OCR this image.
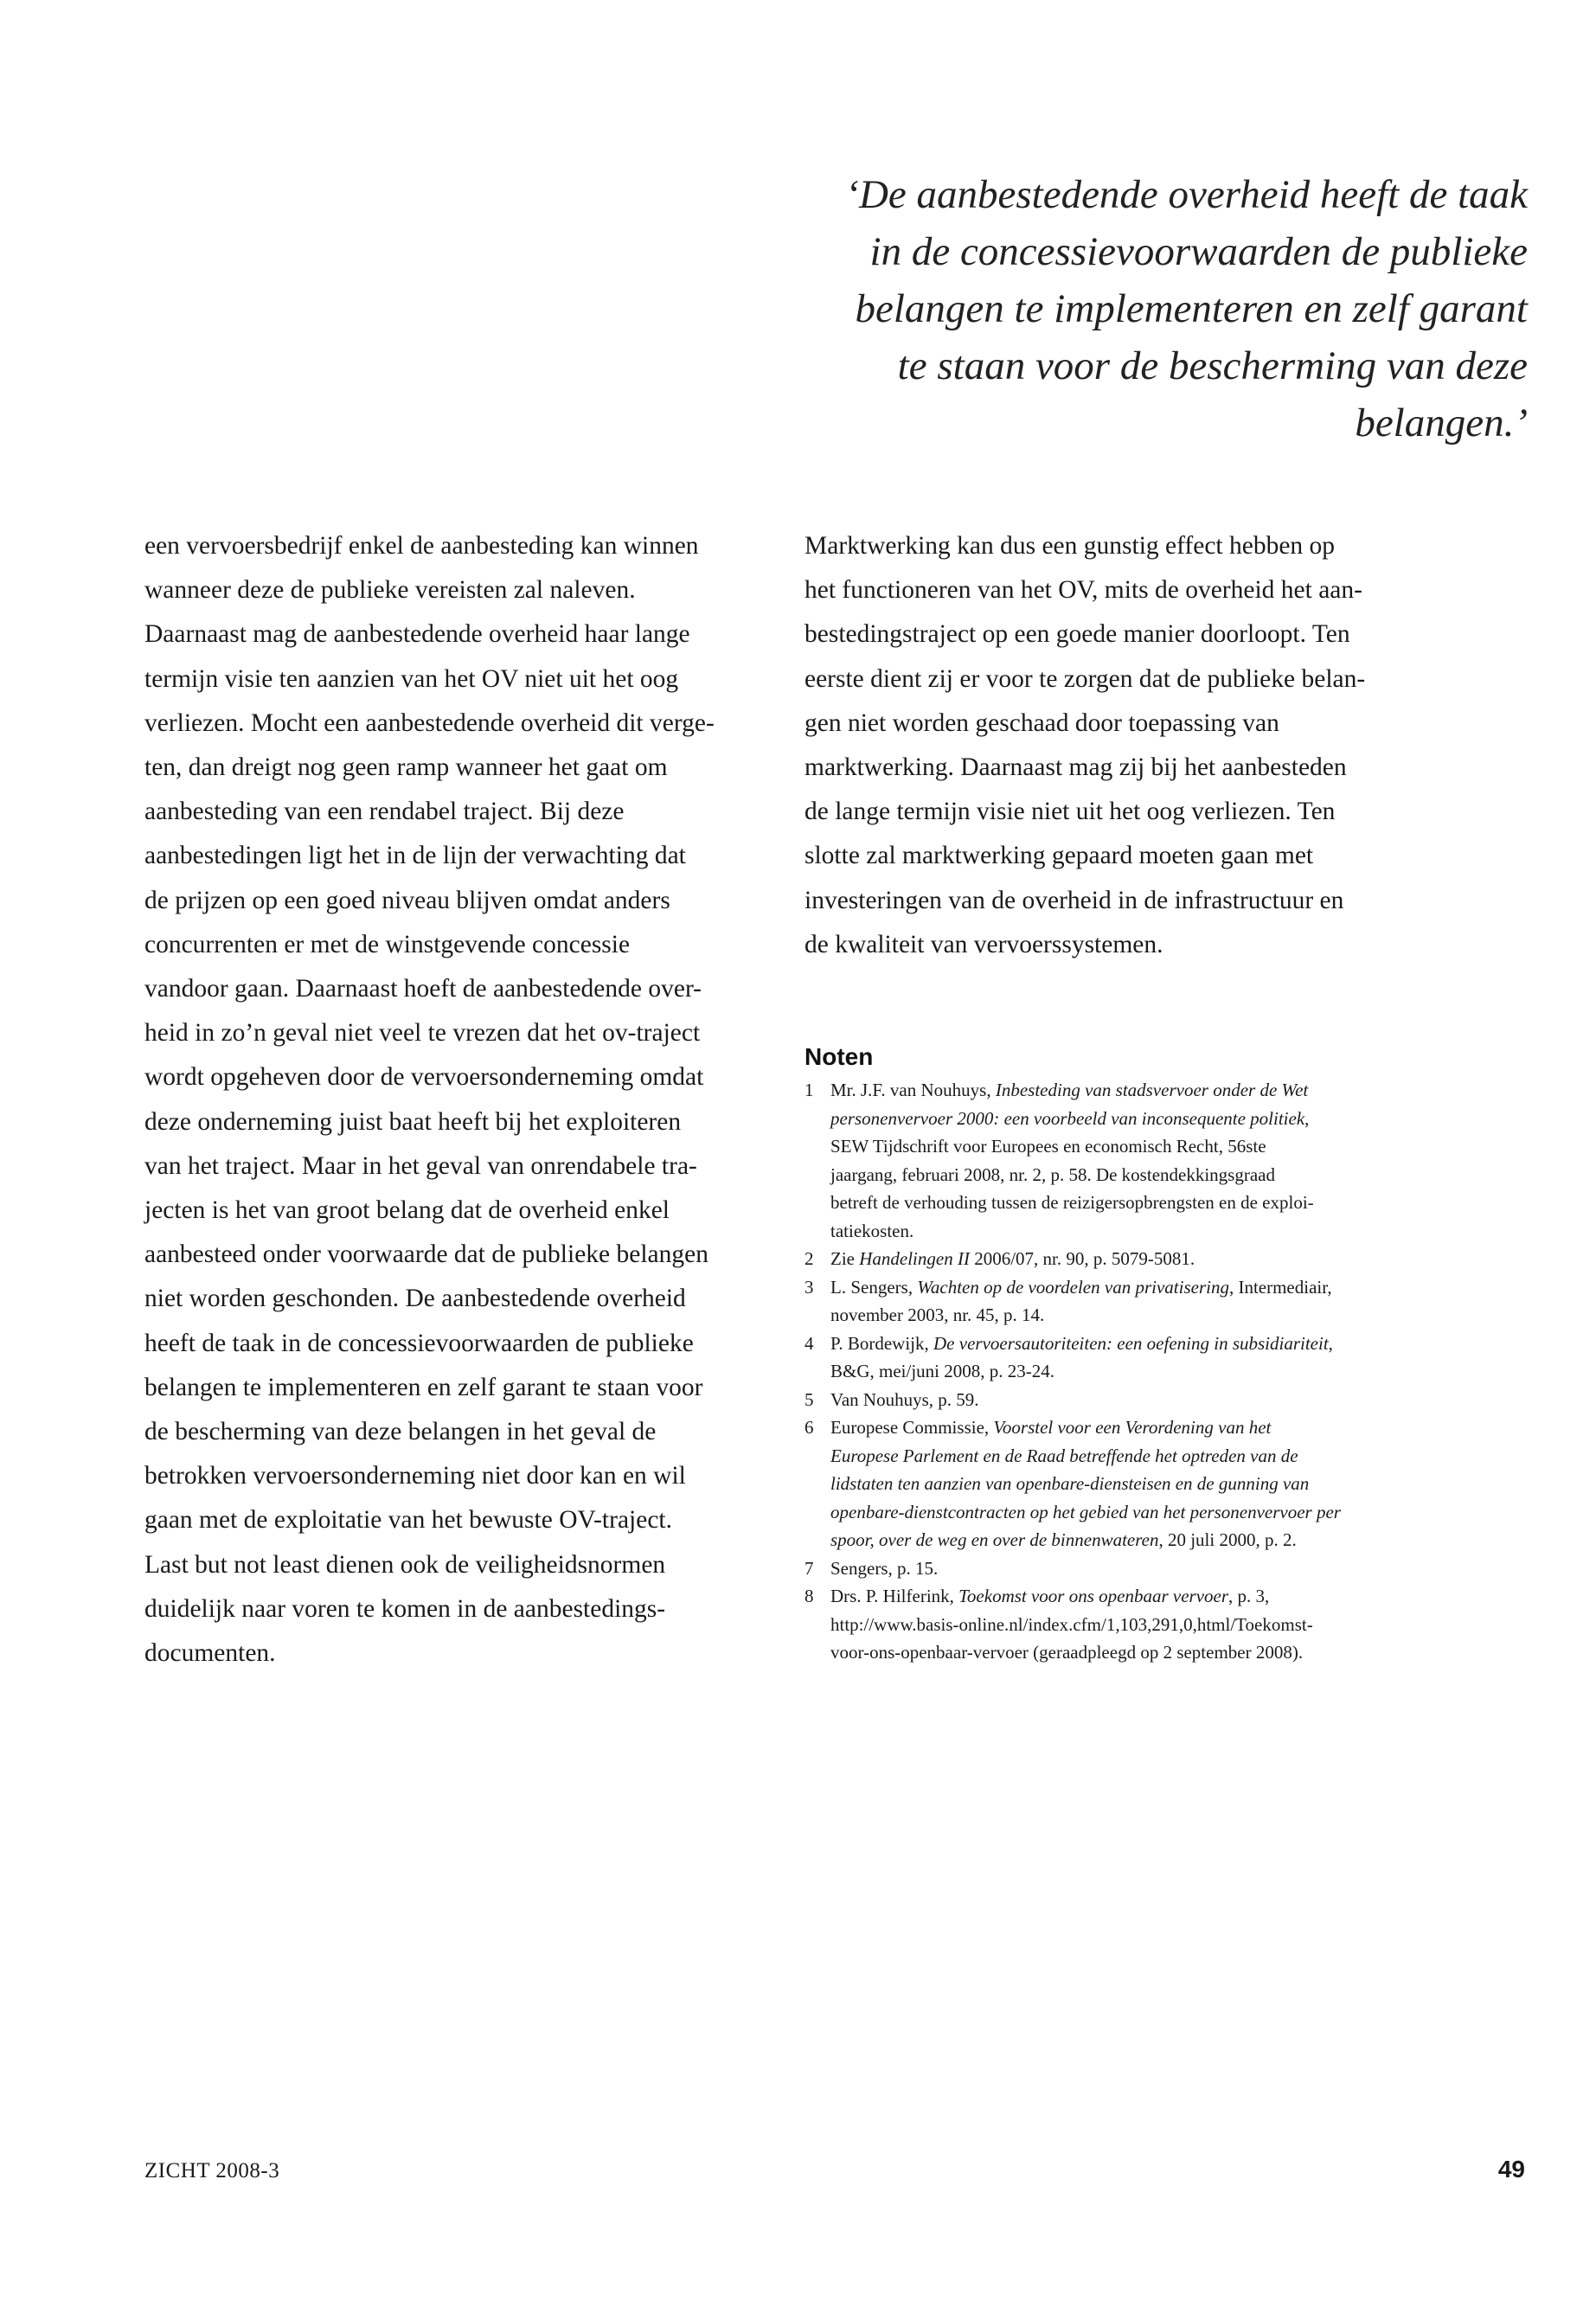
‘De aanbestedende overheid heeft de taak
in de concessievoorwaarden de publieke
belangen te implementeren en zelf garant
te staan voor de bescherming van deze
belangen.’
een vervoersbedrijf enkel de aanbesteding kan winnen
wanneer deze de publieke vereisten zal naleven.
Daarnaast mag de aanbestedende overheid haar lange
termijn visie ten aanzien van het OV niet uit het oog
verliezen. Mocht een aanbestedende overheid dit verge-
ten, dan dreigt nog geen ramp wanneer het gaat om
aanbesteding van een rendabel traject. Bij deze
aanbestedingen ligt het in de lijn der verwachting dat
de prijzen op een goed niveau blijven omdat anders
concurrenten er met de winstgevende concessie
vandoor gaan. Daarnaast hoeft de aanbestedende over-
heid in zo’n geval niet veel te vrezen dat het ov-traject
wordt opgeheven door de vervoersonderneming omdat
deze onderneming juist baat heeft bij het exploiteren
van het traject. Maar in het geval van onrendabele tra-
jecten is het van groot belang dat de overheid enkel
aanbesteed onder voorwaarde dat de publieke belangen
niet worden geschonden. De aanbestedende overheid
heeft de taak in de concessievoorwaarden de publieke
belangen te implementeren en zelf garant te staan voor
de bescherming van deze belangen in het geval de
betrokken vervoersonderneming niet door kan en wil
gaan met de exploitatie van het bewuste OV-traject.
Last but not least dienen ook de veiligheidsnormen
duidelijk naar voren te komen in de aanbestedings-
documenten.
Marktwerking kan dus een gunstig effect hebben op
het functioneren van het OV, mits de overheid het aan-
bestedingstraject op een goede manier doorloopt. Ten
eerste dient zij er voor te zorgen dat de publieke belan-
gen niet worden geschaad door toepassing van
marktwerking. Daarnaast mag zij bij het aanbesteden
de lange termijn visie niet uit het oog verliezen. Ten
slotte zal marktwerking gepaard moeten gaan met
investeringen van de overheid in de infrastructuur en
de kwaliteit van vervoerssystemen.
Noten
1 Mr. J.F. van Nouhuys, Inbesteding van stadsvervoer onder de Wet
personenvervoer 2000: een voorbeeld van inconsequente politiek,
SEW Tijdschrift voor Europees en economisch Recht, 56ste
jaargang, februari 2008, nr. 2, p. 58. De kostendekkingsgraad
betreft de verhouding tussen de reizigersopbrengsten en de exploi-
tatiekosten.
2 Zie Handelingen II 2006/07, nr. 90, p. 5079-5081.
3 L. Sengers, Wachten op de voordelen van privatisering, Intermediair,
november 2003, nr. 45, p. 14.
4 P. Bordewijk, De vervoersautoriteiten: een oefening in subsidiariteit,
B&G, mei/juni 2008, p. 23-24.
5 Van Nouhuys, p. 59.
6 Europese Commissie, Voorstel voor een Verordening van het
Europese Parlement en de Raad betreffende het optreden van de
lidstaten ten aanzien van openbare-diensteisen en de gunning van
openbare-dienstcontracten op het gebied van het personenvervoer per
spoor, over de weg en over de binnenwateren, 20 juli 2000, p. 2.
7 Sengers, p. 15.
8 Drs. P. Hilferink, Toekomst voor ons openbaar vervoer, p. 3,
http://www.basis-online.nl/index.cfm/1,103,291,0,html/Toekomst-
voor-ons-openbaar-vervoer (geraadpleegd op 2 september 2008).
ZICHT 2008-3	49
